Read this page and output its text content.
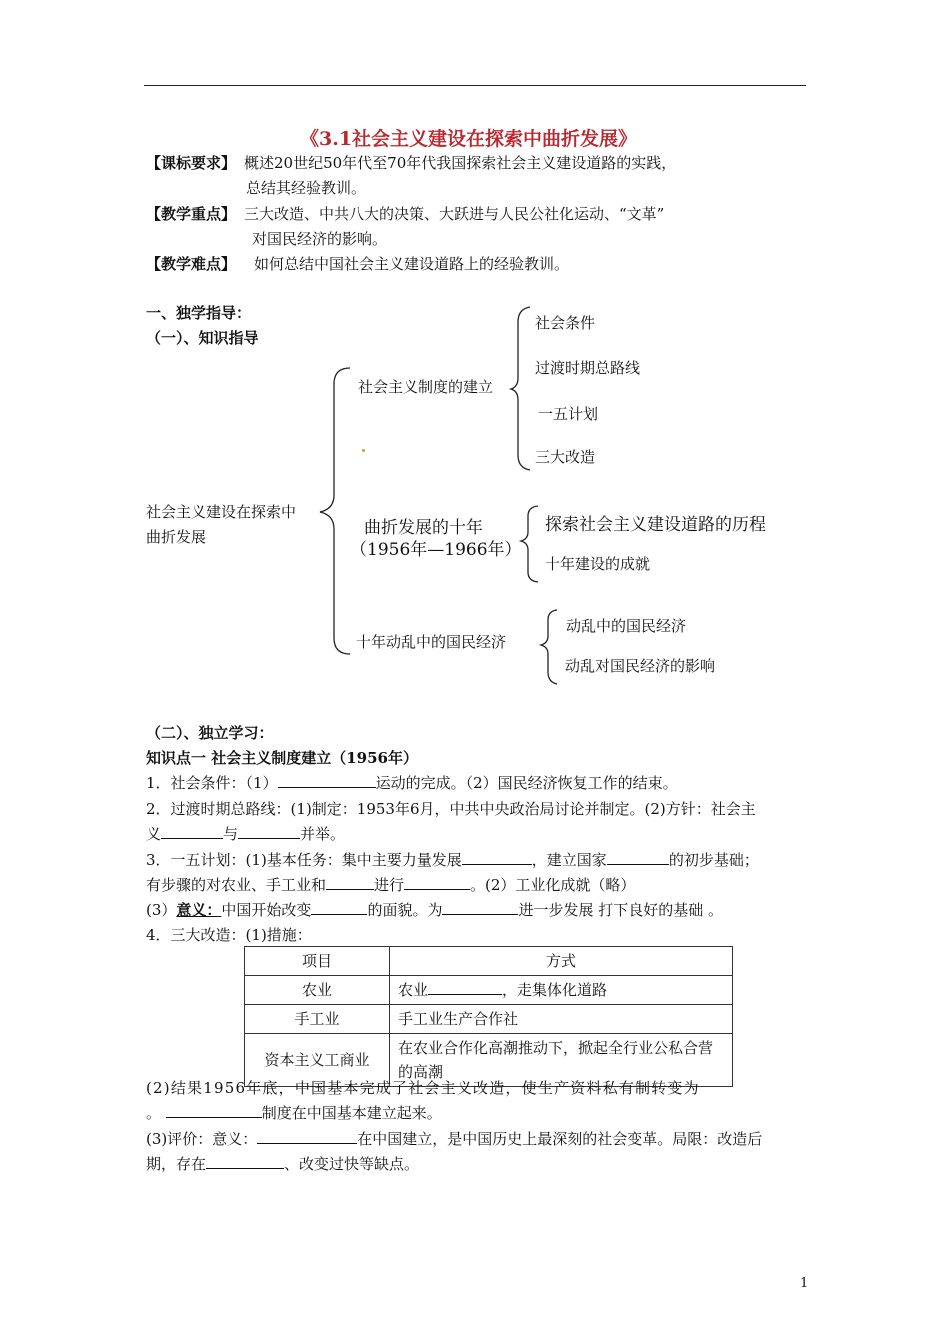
《3.1社会主义建设在探索中曲折发展》
【课标要求】 概述20世纪50年代至70年代我国探索社会主义建设道路的实践，
总结其经验教训。
【教学重点】 三大改造、中共八大的决策、大跃进与人民公社化运动、“文革”
对国民经济的影响。
【教学难点】 如何总结中国社会主义建设道路上的经验教训。
一、独学指导：
（一）、知识指导
社会主义建设在探索中
曲折发展
社会主义制度的建立
社会条件
过渡时期总路线
一五计划
三大改造
曲折发展的十年
（1956年—1966年）
探索社会主义建设道路的历程
十年建设的成就
十年动乱中的国民经济
动乱中的国民经济
动乱对国民经济的影响
（二）、独立学习：
知识点一 社会主义制度建立（1956年）
1．社会条件：（1）	运动的完成。（2）国民经济恢复工作的结束。
2．过渡时期总路线：(1)制定：1953年6月，中共中央政治局讨论并制定。(2)方针：社会主
义	与	并举。
3．一五计划：(1)基本任务：集中主要力量发展	，建立国家	的初步基础；
有步骤的对农业、手工业和	进行	。(2）工业化成就（略）
(3）意义：中国开始改变	的面貌。为	进一步发展 打下良好的基础 。
4．三大改造：(1)措施：
项目	方式
农业	农业 ，走集体化道路
手工业	手工业生产合作社
资本主义工商业	在农业合作化高潮推动下，掀起全行业公私合营的高潮
(2)结果1956年底，中国基本完成了社会主义改造，使生产资料私有制转变为
。	制度在中国基本建立起来。
(3)评价：意义：	在中国建立，是中国历史上最深刻的社会变革。局限：改造后
期，存在	、改变过快等缺点。
1
